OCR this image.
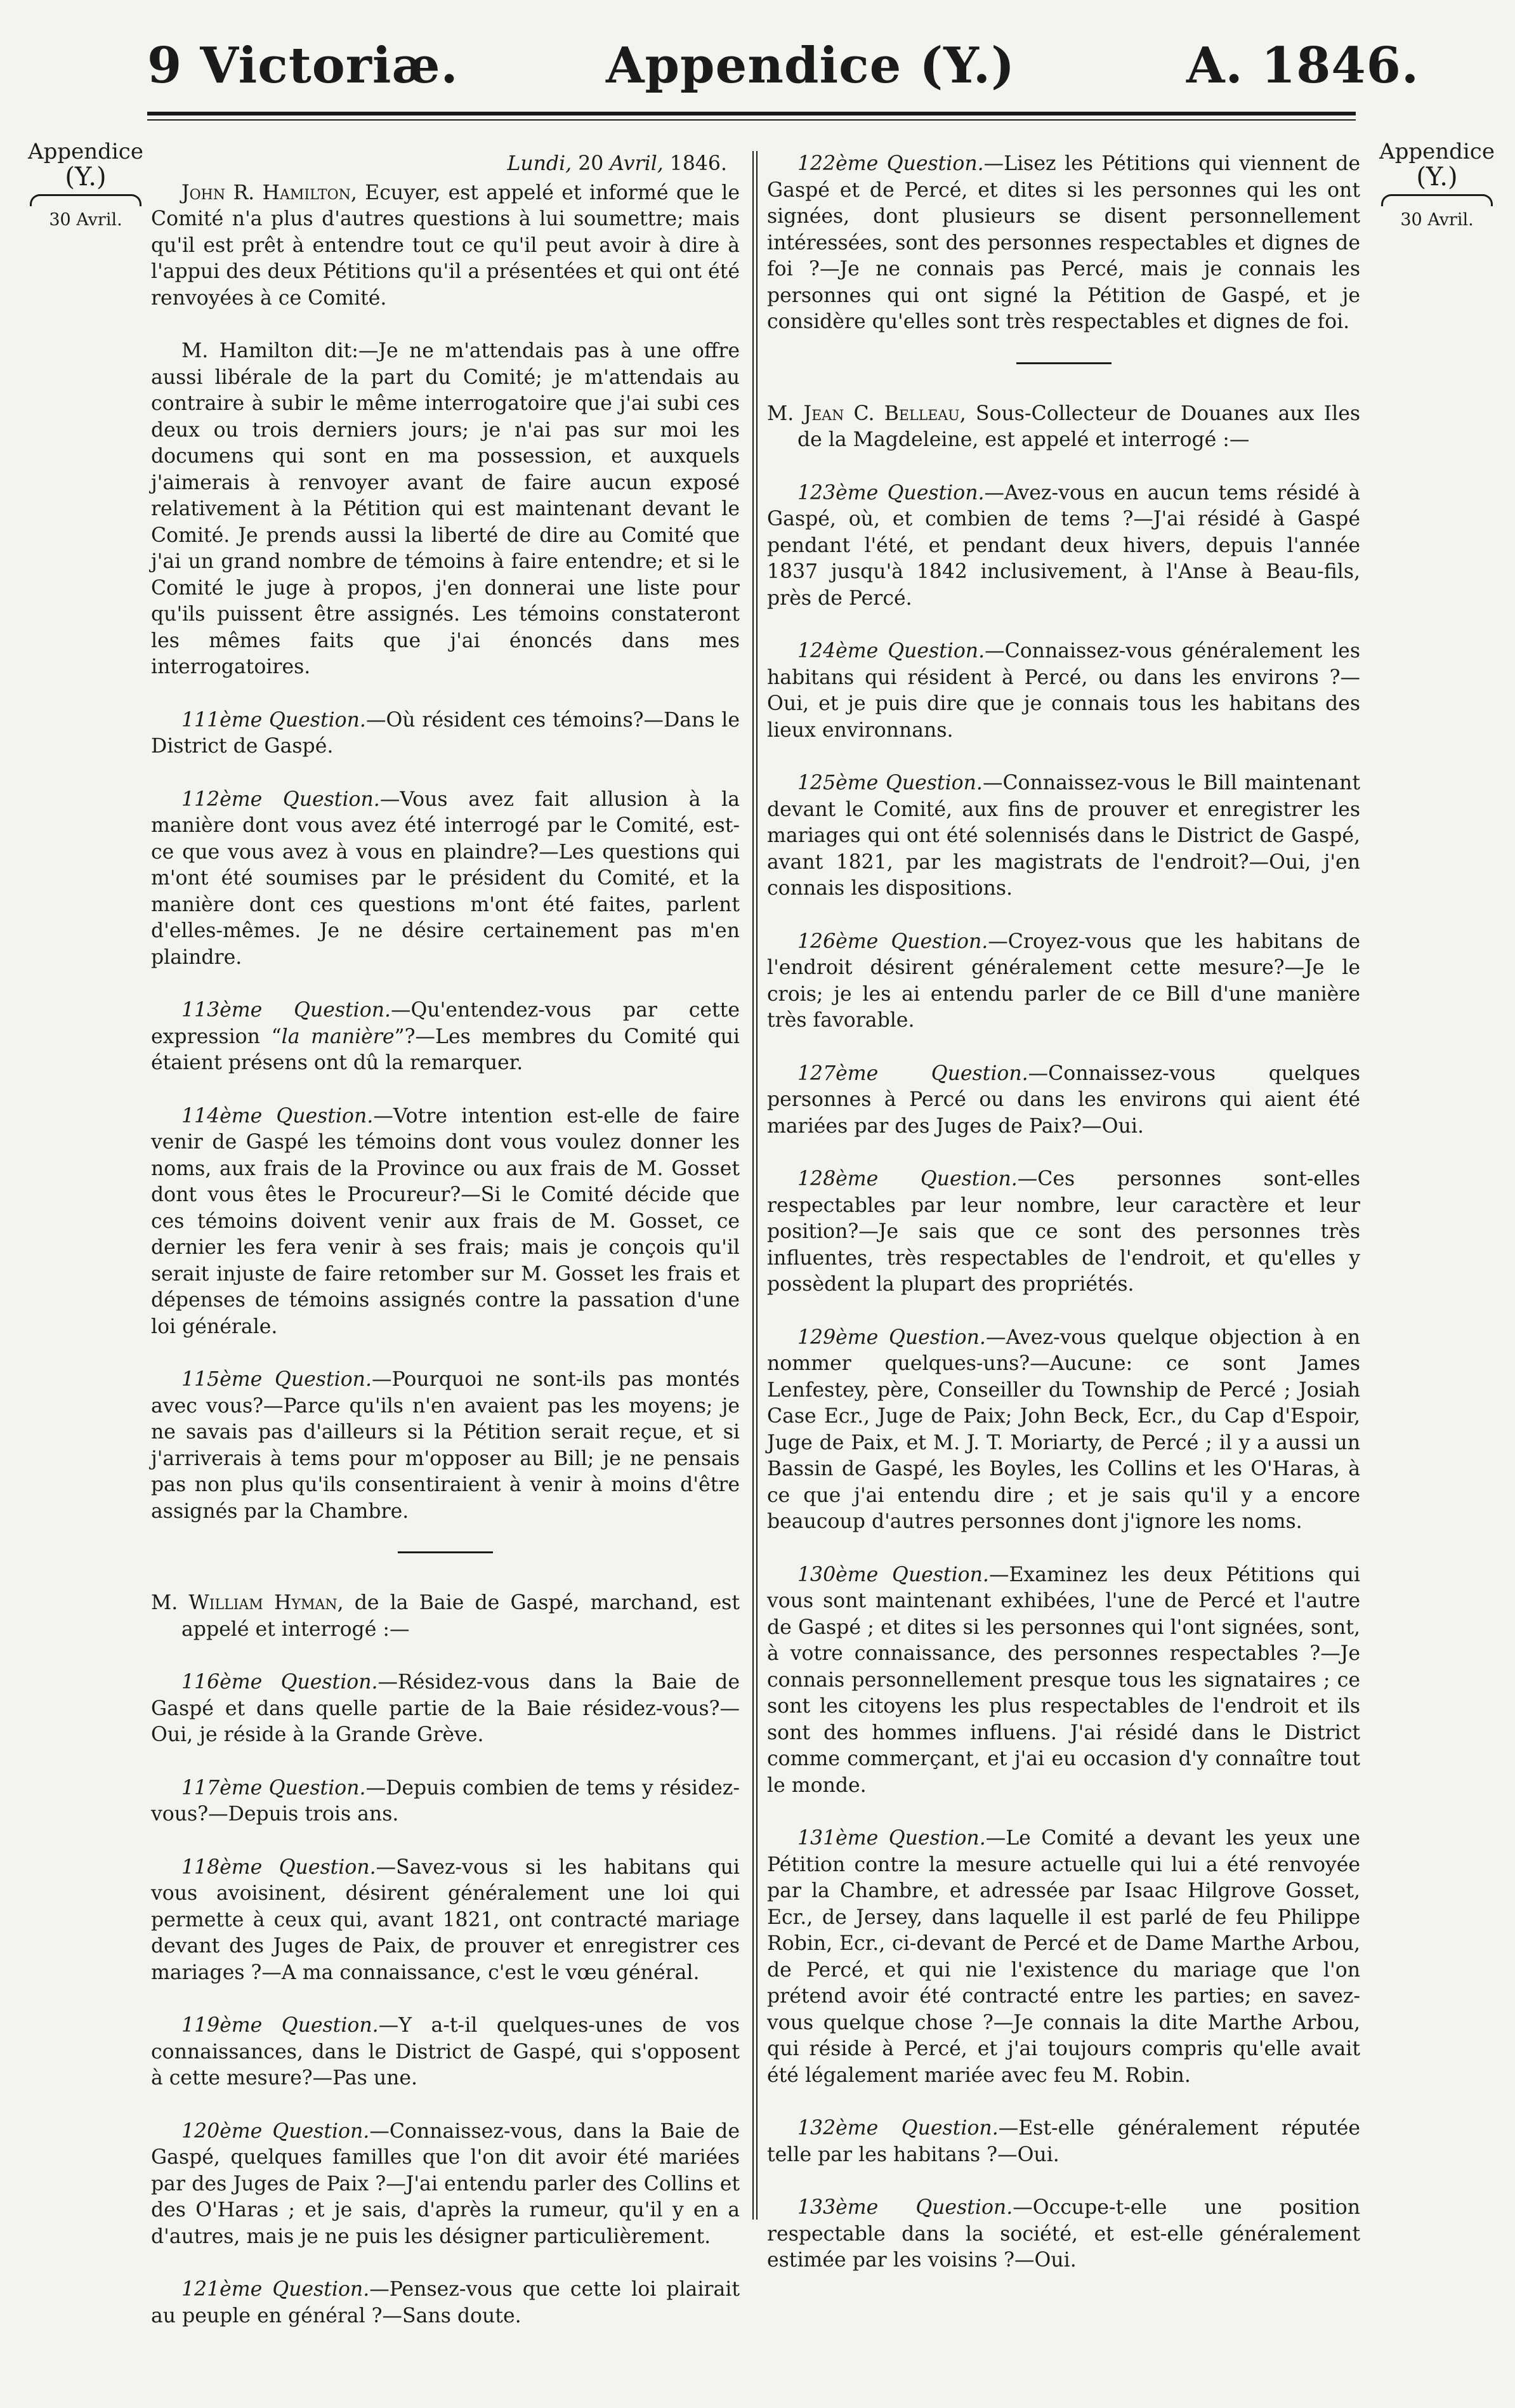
9 Victoriæ.	Appendice (Y.)	A. 1846.
Appendice
(Y.)
30 Avril.
Appendice
(Y.)
30 Avril.

Lundi, 20 Avril, 1846.

John R. Hamilton, Ecuyer, est appelé et informé que le Comité n'a plus d'autres questions à lui soumettre; mais qu'il est prêt à entendre tout ce qu'il peut avoir à dire à l'appui des deux Pétitions qu'il a présentées et qui ont été renvoyées à ce Comité.

M. Hamilton dit:—Je ne m'attendais pas à une offre aussi libérale de la part du Comité; je m'attendais au contraire à subir le même interrogatoire que j'ai subi ces deux ou trois derniers jours; je n'ai pas sur moi les documens qui sont en ma possession, et auxquels j'aimerais à renvoyer avant de faire aucun exposé relativement à la Pétition qui est maintenant devant le Comité. Je prends aussi la liberté de dire au Comité que j'ai un grand nombre de témoins à faire entendre; et si le Comité le juge à propos, j'en donnerai une liste pour qu'ils puissent être assignés. Les témoins constateront les mêmes faits que j'ai énoncés dans mes interrogatoires.

111ème Question.—Où résident ces témoins?—Dans le District de Gaspé.

112ème Question.—Vous avez fait allusion à la manière dont vous avez été interrogé par le Comité, est-ce que vous avez à vous en plaindre?—Les questions qui m'ont été soumises par le président du Comité, et la manière dont ces questions m'ont été faites, parlent d'elles-mêmes. Je ne désire certainement pas m'en plaindre.

113ème Question.—Qu'entendez-vous par cette expression “la manière”?—Les membres du Comité qui étaient présens ont dû la remarquer.

114ème Question.—Votre intention est-elle de faire venir de Gaspé les témoins dont vous voulez donner les noms, aux frais de la Province ou aux frais de M. Gosset dont vous êtes le Procureur?—Si le Comité décide que ces témoins doivent venir aux frais de M. Gosset, ce dernier les fera venir à ses frais; mais je conçois qu'il serait injuste de faire retomber sur M. Gosset les frais et dépenses de témoins assignés contre la passation d'une loi générale.

115ème Question.—Pourquoi ne sont-ils pas montés avec vous?—Parce qu'ils n'en avaient pas les moyens; je ne savais pas d'ailleurs si la Pétition serait reçue, et si j'arriverais à tems pour m'opposer au Bill; je ne pensais pas non plus qu'ils consentiraient à venir à moins d'être assignés par la Chambre.

M. William Hyman, de la Baie de Gaspé, marchand, est appelé et interrogé :—

116ème Question.—Résidez-vous dans la Baie de Gaspé et dans quelle partie de la Baie résidez-vous?—Oui, je réside à la Grande Grève.

117ème Question.—Depuis combien de tems y résidez-vous?—Depuis trois ans.

118ème Question.—Savez-vous si les habitans qui vous avoisinent, désirent généralement une loi qui permette à ceux qui, avant 1821, ont contracté mariage devant des Juges de Paix, de prouver et enregistrer ces mariages ?—A ma connaissance, c'est le vœu général.

119ème Question.—Y a-t-il quelques-unes de vos connaissances, dans le District de Gaspé, qui s'opposent à cette mesure?—Pas une.

120ème Question.—Connaissez-vous, dans la Baie de Gaspé, quelques familles que l'on dit avoir été mariées par des Juges de Paix ?—J'ai entendu parler des Collins et des O'Haras ; et je sais, d'après la rumeur, qu'il y en a d'autres, mais je ne puis les désigner particulièrement.

121ème Question.—Pensez-vous que cette loi plairait au peuple en général ?—Sans doute.

122ème Question.—Lisez les Pétitions qui viennent de Gaspé et de Percé, et dites si les personnes qui les ont signées, dont plusieurs se disent personnellement intéressées, sont des personnes respectables et dignes de foi ?—Je ne connais pas Percé, mais je connais les personnes qui ont signé la Pétition de Gaspé, et je considère qu'elles sont très respectables et dignes de foi.

M. Jean C. Belleau, Sous-Collecteur de Douanes aux Iles de la Magdeleine, est appelé et interrogé :—

123ème Question.—Avez-vous en aucun tems résidé à Gaspé, où, et combien de tems ?—J'ai résidé à Gaspé pendant l'été, et pendant deux hivers, depuis l'année 1837 jusqu'à 1842 inclusivement, à l'Anse à Beau-fils, près de Percé.

124ème Question.—Connaissez-vous généralement les habitans qui résident à Percé, ou dans les environs ?—Oui, et je puis dire que je connais tous les habitans des lieux environnans.

125ème Question.—Connaissez-vous le Bill maintenant devant le Comité, aux fins de prouver et enregistrer les mariages qui ont été solennisés dans le District de Gaspé, avant 1821, par les magistrats de l'endroit?—Oui, j'en connais les dispositions.

126ème Question.—Croyez-vous que les habitans de l'endroit désirent généralement cette mesure?—Je le crois; je les ai entendu parler de ce Bill d'une manière très favorable.

127ème Question.—Connaissez-vous quelques personnes à Percé ou dans les environs qui aient été mariées par des Juges de Paix?—Oui.

128ème Question.—Ces personnes sont-elles respectables par leur nombre, leur caractère et leur position?—Je sais que ce sont des personnes très influentes, très respectables de l'endroit, et qu'elles y possèdent la plupart des propriétés.

129ème Question.—Avez-vous quelque objection à en nommer quelques-uns?—Aucune: ce sont James Lenfestey, père, Conseiller du Township de Percé ; Josiah Case Ecr., Juge de Paix; John Beck, Ecr., du Cap d'Espoir, Juge de Paix, et M. J. T. Moriarty, de Percé ; il y a aussi un Bassin de Gaspé, les Boyles, les Collins et les O'Haras, à ce que j'ai entendu dire ; et je sais qu'il y a encore beaucoup d'autres personnes dont j'ignore les noms.

130ème Question.—Examinez les deux Pétitions qui vous sont maintenant exhibées, l'une de Percé et l'autre de Gaspé ; et dites si les personnes qui l'ont signées, sont, à votre connaissance, des personnes respectables ?—Je connais personnellement presque tous les signataires ; ce sont les citoyens les plus respectables de l'endroit et ils sont des hommes influens. J'ai résidé dans le District comme commerçant, et j'ai eu occasion d'y connaître tout le monde.

131ème Question.—Le Comité a devant les yeux une Pétition contre la mesure actuelle qui lui a été renvoyée par la Chambre, et adressée par Isaac Hilgrove Gosset, Ecr., de Jersey, dans laquelle il est parlé de feu Philippe Robin, Ecr., ci-devant de Percé et de Dame Marthe Arbou, de Percé, et qui nie l'existence du mariage que l'on prétend avoir été contracté entre les parties; en savez-vous quelque chose ?—Je connais la dite Marthe Arbou, qui réside à Percé, et j'ai toujours compris qu'elle avait été légalement mariée avec feu M. Robin.

132ème Question.—Est-elle généralement réputée telle par les habitans ?—Oui.

133ème Question.—Occupe-t-elle une position respectable dans la société, et est-elle généralement estimée par les voisins ?—Oui.
